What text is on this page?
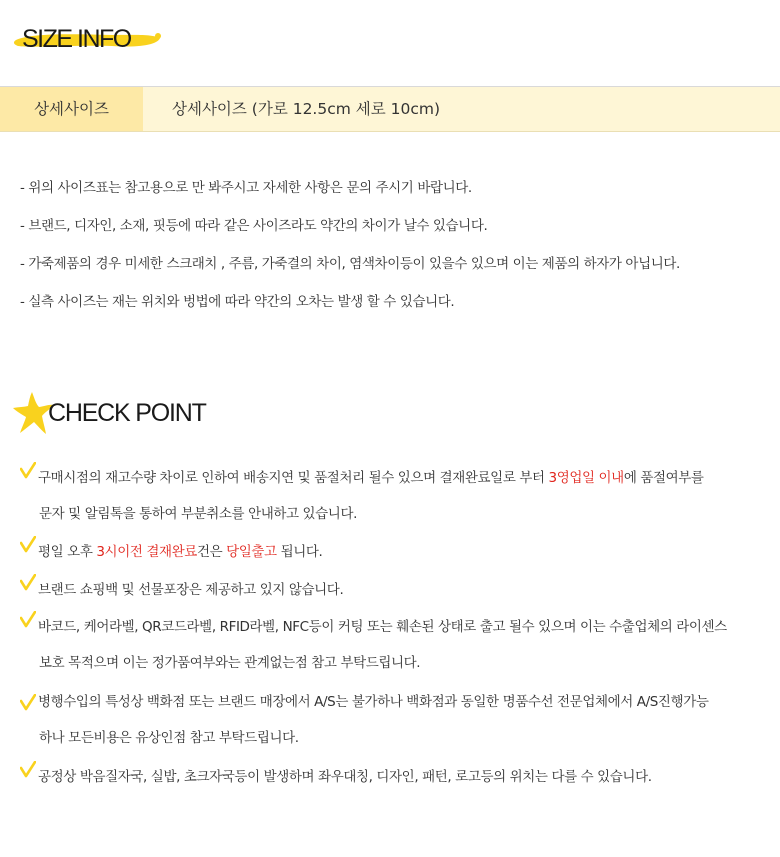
SIZE INFO
상세사이즈	상세사이즈 (가로 12.5cm 세로 10cm)
- 위의 사이즈표는 참고용으로 만 봐주시고 자세한 사항은 문의 주시기 바랍니다.
- 브랜드, 디자인, 소재, 핏등에 따라 같은 사이즈라도 약간의 차이가 날수 있습니다.
- 가죽제품의 경우 미세한 스크래치 , 주름, 가죽결의 차이, 염색차이등이 있을수 있으며 이는 제품의 하자가 아닙니다.
- 실측 사이즈는 재는 위치와 벙법에 따라 약간의 오차는 발생 할 수 있습니다.
CHECK POINT
구매시점의 재고수량 차이로 인하여 배송지연 및 품절처리 될수 있으며 결재완료일로 부터 3영업일 이내에 품절여부를
문자 및 알림톡을 통하여 부분취소를 안내하고 있습니다.
평일 오후 3시이전 결재완료건은 당일출고 됩니다.
브랜드 쇼핑백 및 선물포장은 제공하고 있지 않습니다.
바코드, 케어라벨, QR코드라벨, RFID라벨, NFC등이 커팅 또는 훼손된 상태로 출고 될수 있으며 이는 수출업체의 라이센스
보호 목적으며 이는 정가품여부와는 관계없는점 참고 부탁드립니다.
병행수입의 특성상 백화점 또는 브랜드 매장에서 A/S는 불가하나 백화점과 동일한 명품수선 전문업체에서 A/S진행가능
하나 모든비용은 유상인점 참고 부탁드립니다.
공정상 박음질자국, 실밥, 초크자국등이 발생하며 좌우대칭, 디자인, 패턴, 로고등의 위치는 다를 수 있습니다.
